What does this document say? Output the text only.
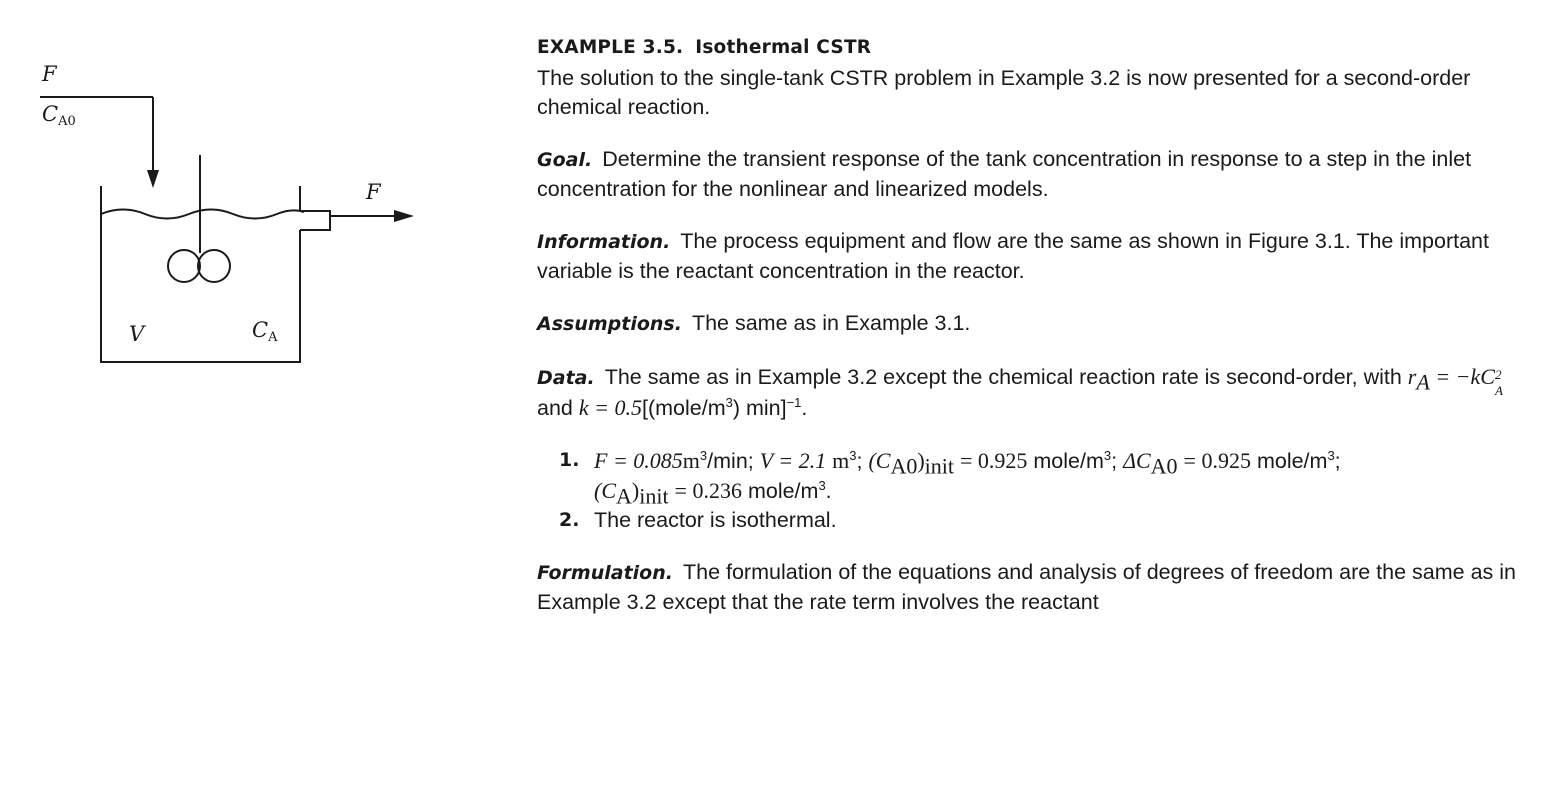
F
$C_{A0}$
F
V	$C_A$
EXAMPLE 3.5. Isothermal CSTR

The solution to the single-tank CSTR problem in Example 3.2 is now presented for a second-order chemical reaction.

Goal. Determine the transient response of the tank concentration in response to a step in the inlet concentration for the nonlinear and linearized models.

Information. The process equipment and flow are the same as shown in Figure 3.1. The important variable is the reactant concentration in the reactor.

Assumptions. The same as in Example 3.1.

Data. The same as in Example 3.2 except the chemical reaction rate is second-order, with $r_A = -kC$ 2
A
and $k = 0.5[(mole/m^3)$ min]$^{-1}$.

1. $F = 0.085m^3/\min$; V = 2.1 $m^3$; $(C_{A0})_{init} = 0.925$ mole/$m^3$; $\Delta C_{A0} = 0.925$ mole/$m^3$;
$(C_A)_{init} = 0.236$ mole/$m^3$.
2. The reactor is isothermal.

Formulation. The formulation of the equations and analysis of degrees of freedom are the same as in Example 3.2 except that the rate term involves the reactant
